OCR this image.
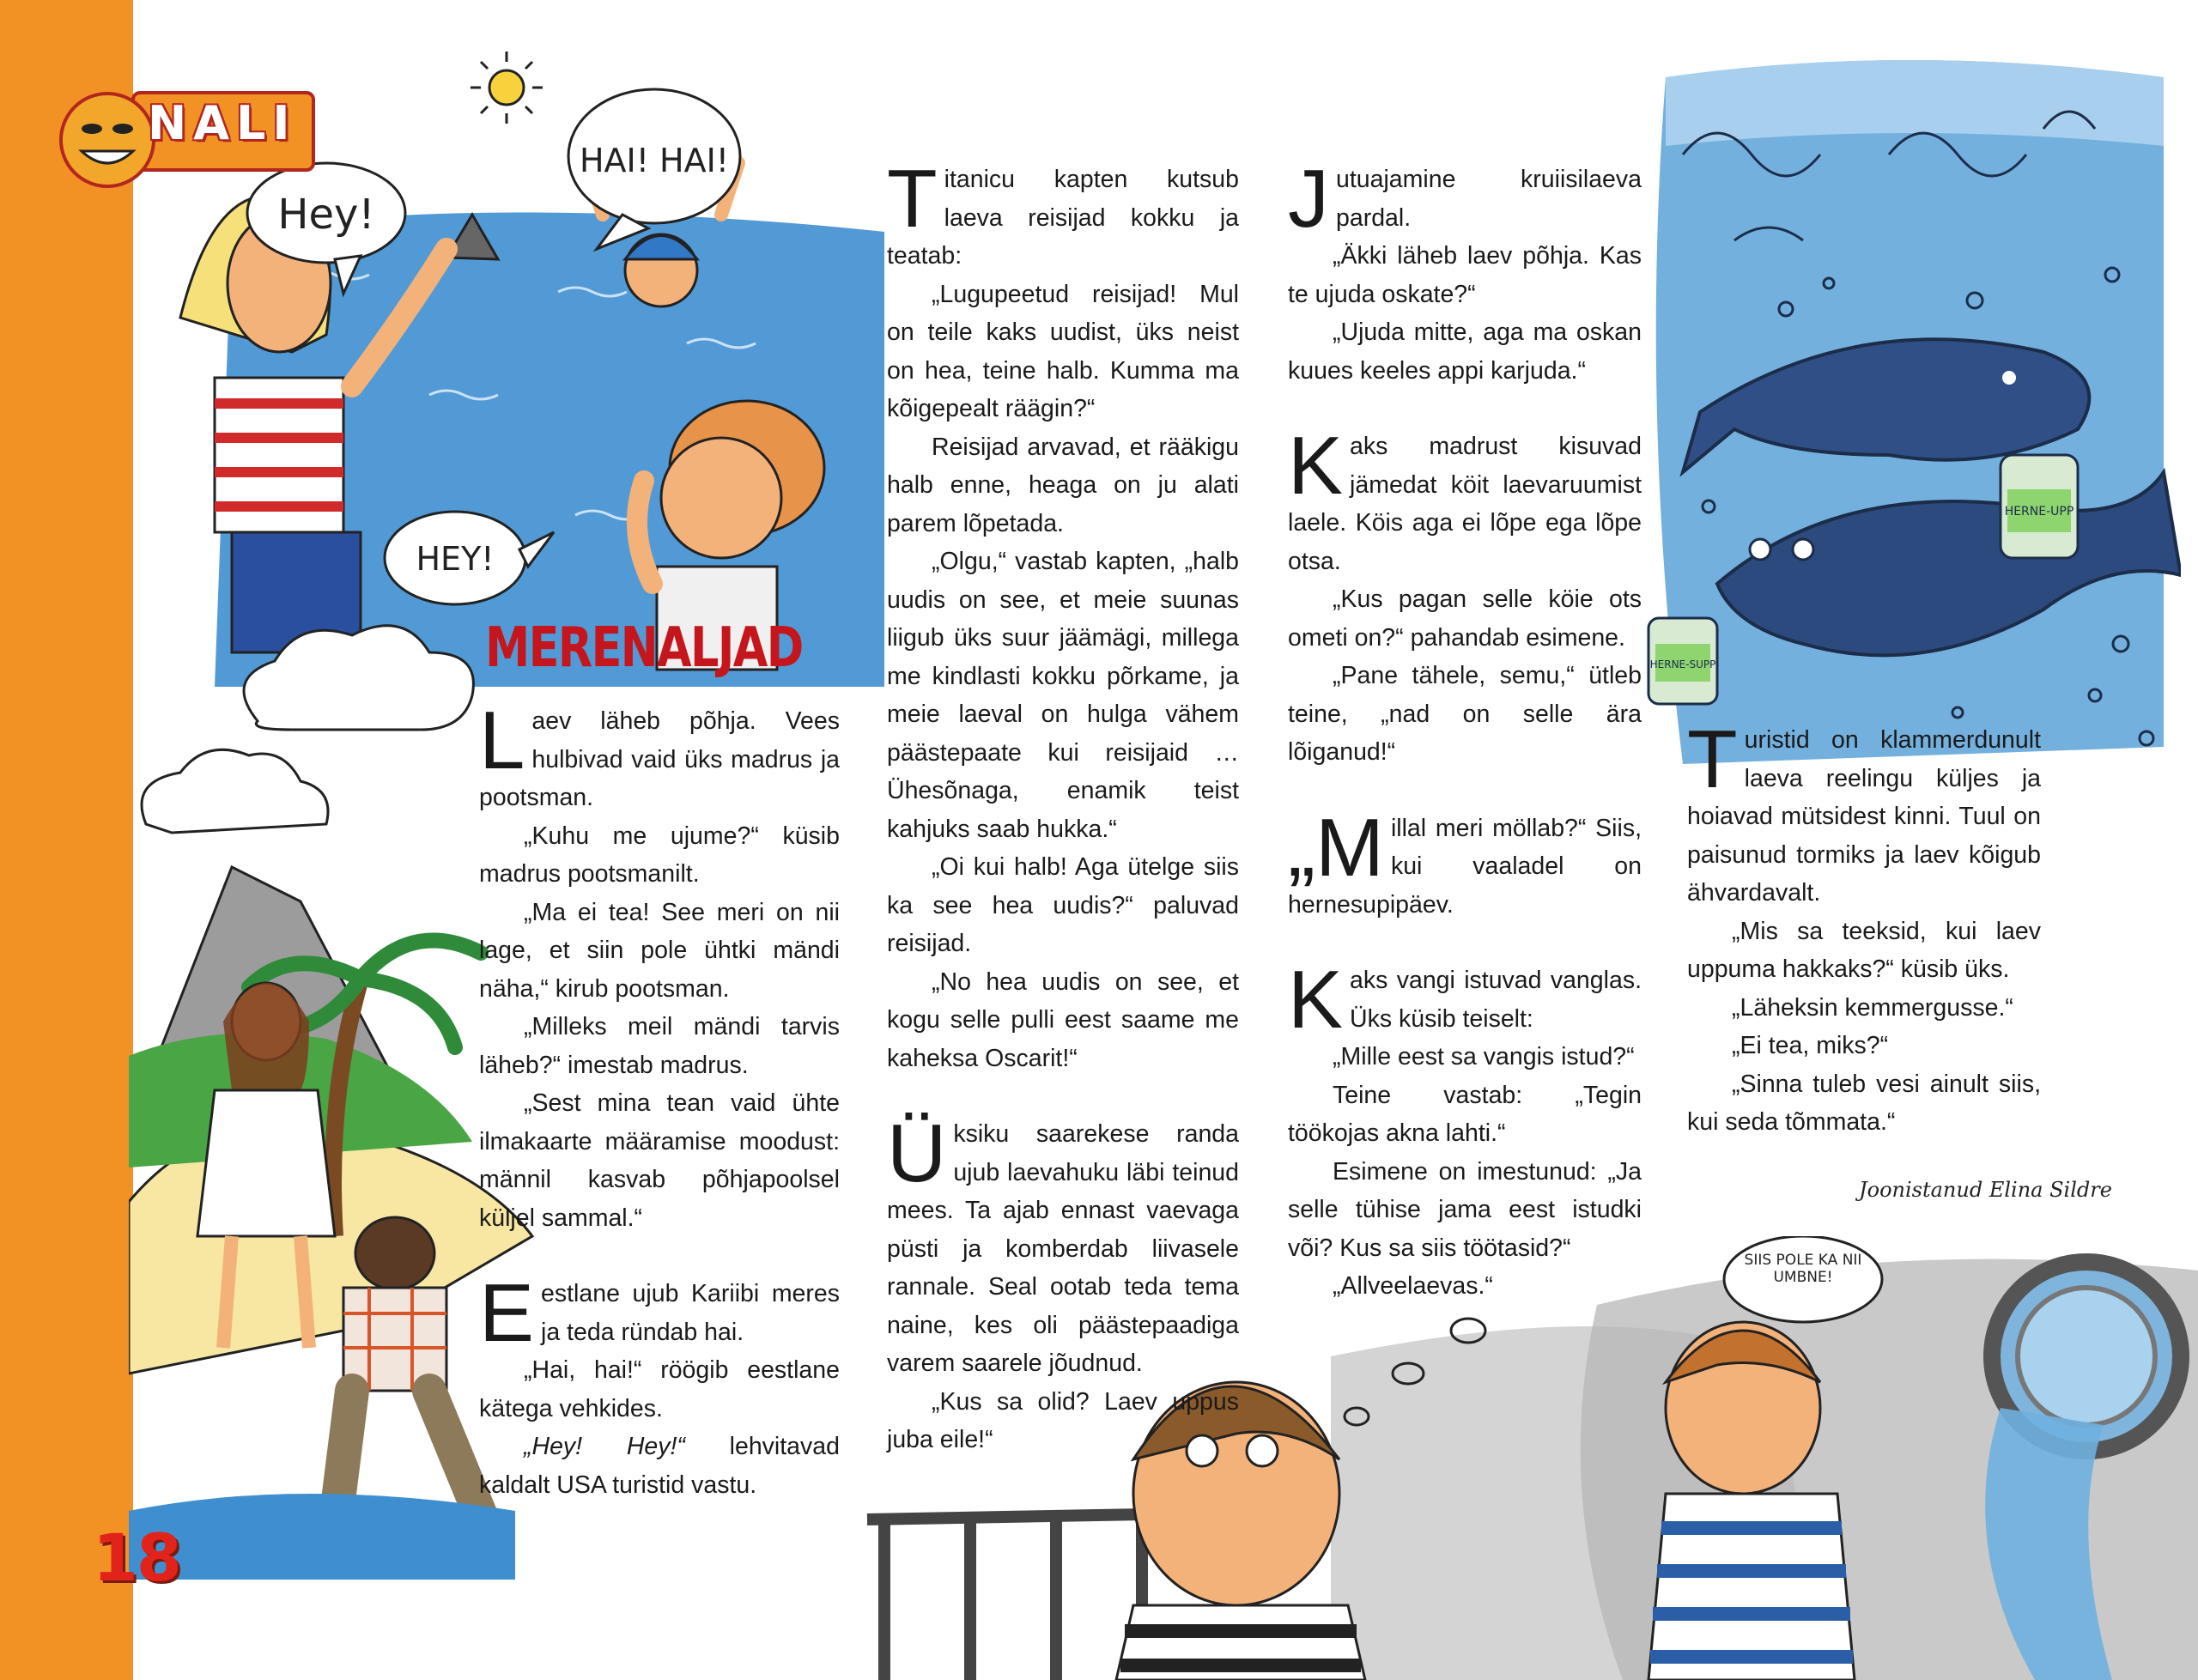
Hey!
HAI! HAI!
HEY!
NALI
MERENALJAD
HERNE-UPP
HERNE-SUPP
SIIS POLE KA NII UMBNE!

Laev läheb põhja. Vees hulbivad vaid üks madrus ja pootsman.

„Kuhu me ujume?“ küsib madrus pootsmanilt.

„Ma ei tea! See meri on nii lage, et siin pole ühtki mändi näha,“ kirub pootsman.

„Milleks meil mändi tarvis läheb?“ imestab madrus.

„Sest mina tean vaid ühte ilmakaarte määramise moodust: männil kasvab põhjapoolsel küljel sammal.“

Eestlane ujub Kariibi meres ja teda ründab hai.

„Hai, hai!“ röögib eestlane kätega vehkides.

„Hey! Hey!“ lehvitavad kaldalt USA turistid vastu.

Titanicu kapten kutsub laeva reisijad kokku ja teatab:

„Lugupeetud reisijad! Mul on teile kaks uudist, üks neist on hea, teine halb. Kumma ma kõigepealt räägin?“

Reisijad arvavad, et rääkigu halb enne, heaga on ju alati parem lõpetada.

„Olgu,“ vastab kapten, „halb uudis on see, et meie suunas liigub üks suur jäämägi, millega me kindlasti kokku põrkame, ja meie laeval on hulga vähem päästepaate kui reisijaid … Ühesõnaga, enamik teist kahjuks saab hukka.“

„Oi kui halb! Aga ütelge siis ka see hea uudis?“ paluvad reisijad.

„No hea uudis on see, et kogu selle pulli eest saame me kaheksa Oscarit!“

Üksiku saarekese randa ujub laevahuku läbi teinud mees. Ta ajab ennast vaevaga püsti ja komberdab liivasele rannale. Seal ootab teda tema naine, kes oli päästepaadiga varem saarele jõudnud.

„Kus sa olid? Laev uppus juba eile!“

Jutuajamine kruiisilaeva pardal.

„Äkki läheb laev põhja. Kas te ujuda oskate?“

„Ujuda mitte, aga ma oskan kuues keeles appi karjuda.“

Kaks madrust kisuvad jämedat köit laevaruumist laele. Köis aga ei lõpe ega lõpe otsa.

„Kus pagan selle köie ots ometi on?“ pahandab esimene.

„Pane tähele, semu,“ ütleb teine, „nad on selle ära lõiganud!“

„Millal meri möllab?“ Siis, kui vaaladel on hernesupipäev.

Kaks vangi istuvad vanglas. Üks küsib teiselt:

„Mille eest sa vangis istud?“

Teine vastab: „Tegin töökojas akna lahti.“

Esimene on imestunud: „Ja selle tühise jama eest istudki või? Kus sa siis töötasid?“

„Allveelaevas.“

Turistid on klammerdunult laeva reelingu küljes ja hoiavad mütsidest kinni. Tuul on paisunud tormiks ja laev kõigub ähvardavalt.

„Mis sa teeksid, kui laev uppuma hakkaks?“ küsib üks.

„Läheksin kemmergusse.“

„Ei tea, miks?“

„Sinna tuleb vesi ainult siis, kui seda tõmmata.“

Joonistanud Elina Sildre
18
